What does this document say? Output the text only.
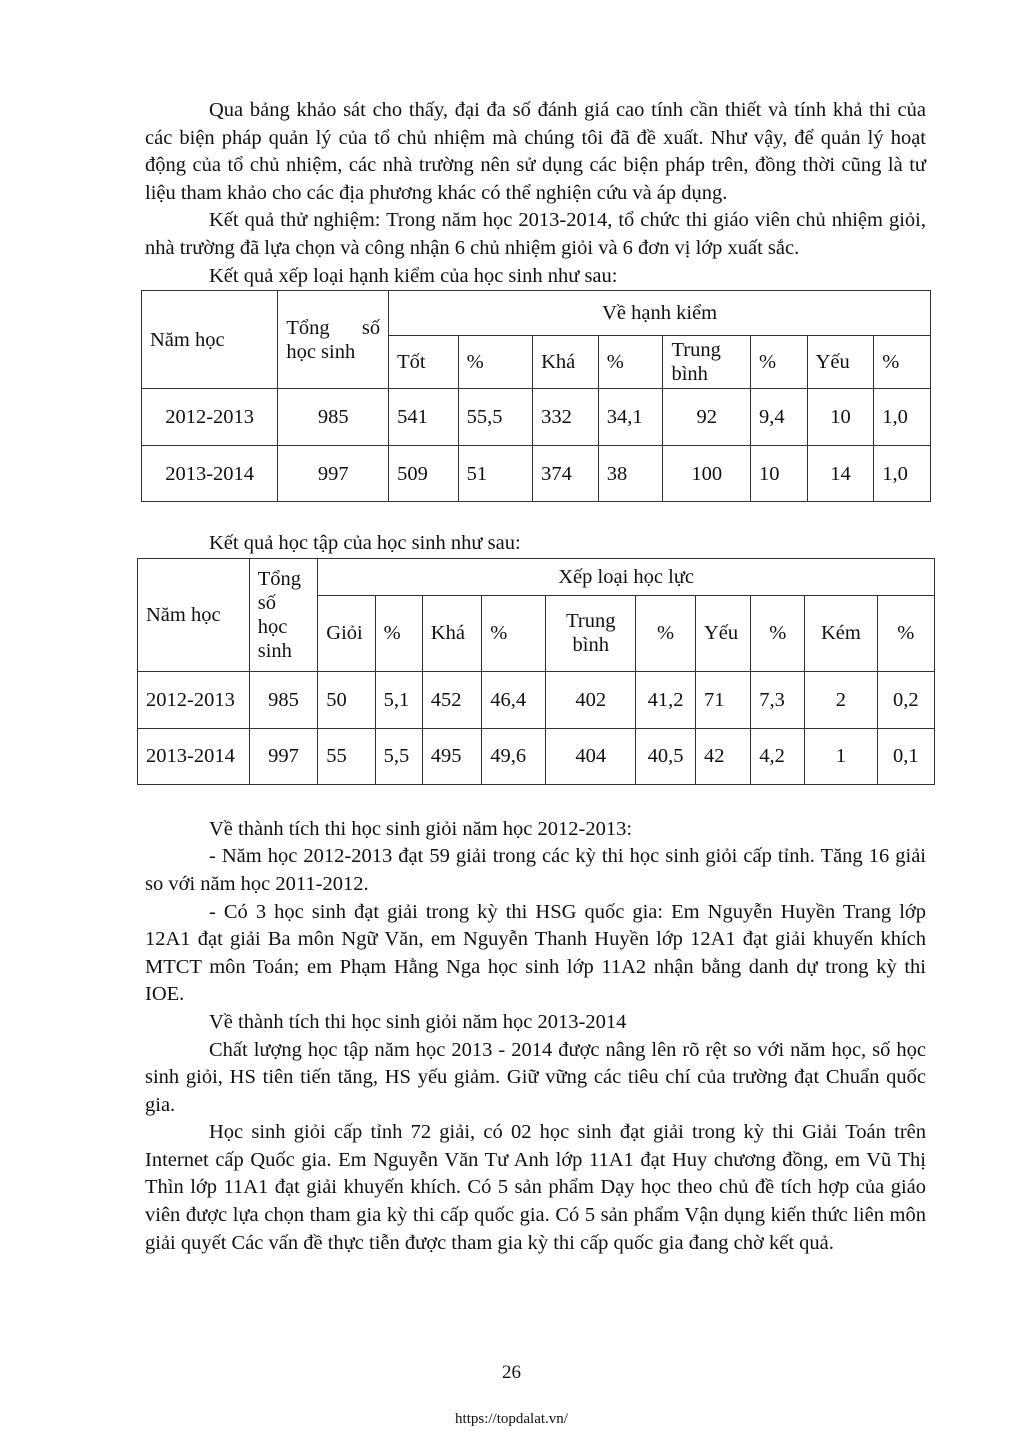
Qua bảng khảo sát cho thấy, đại đa số đánh giá cao tính cần thiết và tính khả thi của các biện pháp quản lý của tổ chủ nhiệm mà chúng tôi đã đề xuất. Như vậy, để quản lý hoạt động của tổ chủ nhiệm, các nhà trường nên sử dụng các biện pháp trên, đồng thời cũng là tư liệu tham khảo cho các địa phương khác có thể nghiện cứu và áp dụng.

Kết quả thử nghiệm: Trong năm học 2013-2014, tổ chức thi giáo viên chủ nhiệm giỏi, nhà trường đã lựa chọn và công nhận 6 chủ nhiệm giỏi và 6 đơn vị lớp xuất sắc.

Kết quả xếp loại hạnh kiểm của học sinh như sau:

Năm học	Tổng số học sinh	Về hạnh kiểm							
		Tốt	%	Khá	%	Trung bình	%	Yếu	%
2012-2013	985	541	55,5	332	34,1	92	9,4	10	1,0
2013-2014	997	509	51	374	38	100	10	14	1,0

Kết quả học tập của học sinh như sau:

Năm học	Tổng số học sinh	Xếp loại học lực									
		Giỏi	%	Khá	%	Trung bình	%	Yếu	%	Kém	%
2012-2013	985	50	5,1	452	46,4	402	41,2	71	7,3	2	0,2
2013-2014	997	55	5,5	495	49,6	404	40,5	42	4,2	1	0,1

Về thành tích thi học sinh giỏi năm học 2012-2013:

- Năm học 2012-2013 đạt 59 giải trong các kỳ thi học sinh giỏi cấp tỉnh. Tăng 16 giải so với năm học 2011-2012.

- Có 3 học sinh đạt giải trong kỳ thi HSG quốc gia: Em Nguyễn Huyền Trang lớp 12A1 đạt giải Ba môn Ngữ Văn, em Nguyễn Thanh Huyền lớp 12A1 đạt giải khuyến khích MTCT môn Toán; em Phạm Hằng Nga học sinh lớp 11A2 nhận bằng danh dự trong kỳ thi IOE.

Về thành tích thi học sinh giỏi năm học 2013-2014

Chất lượng học tập năm học 2013 - 2014 được nâng lên rõ rệt so với năm học, số học sinh giỏi, HS tiên tiến tăng, HS yếu giảm. Giữ vững các tiêu chí của trường đạt Chuẩn quốc gia.

Học sinh giỏi cấp tỉnh 72 giải, có 02 học sinh đạt giải trong kỳ thi Giải Toán trên Internet cấp Quốc gia. Em Nguyễn Văn Tư Anh lớp 11A1 đạt Huy chương đồng, em Vũ Thị Thìn lớp 11A1 đạt giải khuyến khích. Có 5 sản phẩm Dạy học theo chủ đề tích hợp của giáo viên được lựa chọn tham gia kỳ thi cấp quốc gia. Có 5 sản phẩm Vận dụng kiến thức liên môn giải quyết Các vấn đề thực tiễn được tham gia kỳ thi cấp quốc gia đang chờ kết quả.

26
https://topdalat.vn/
